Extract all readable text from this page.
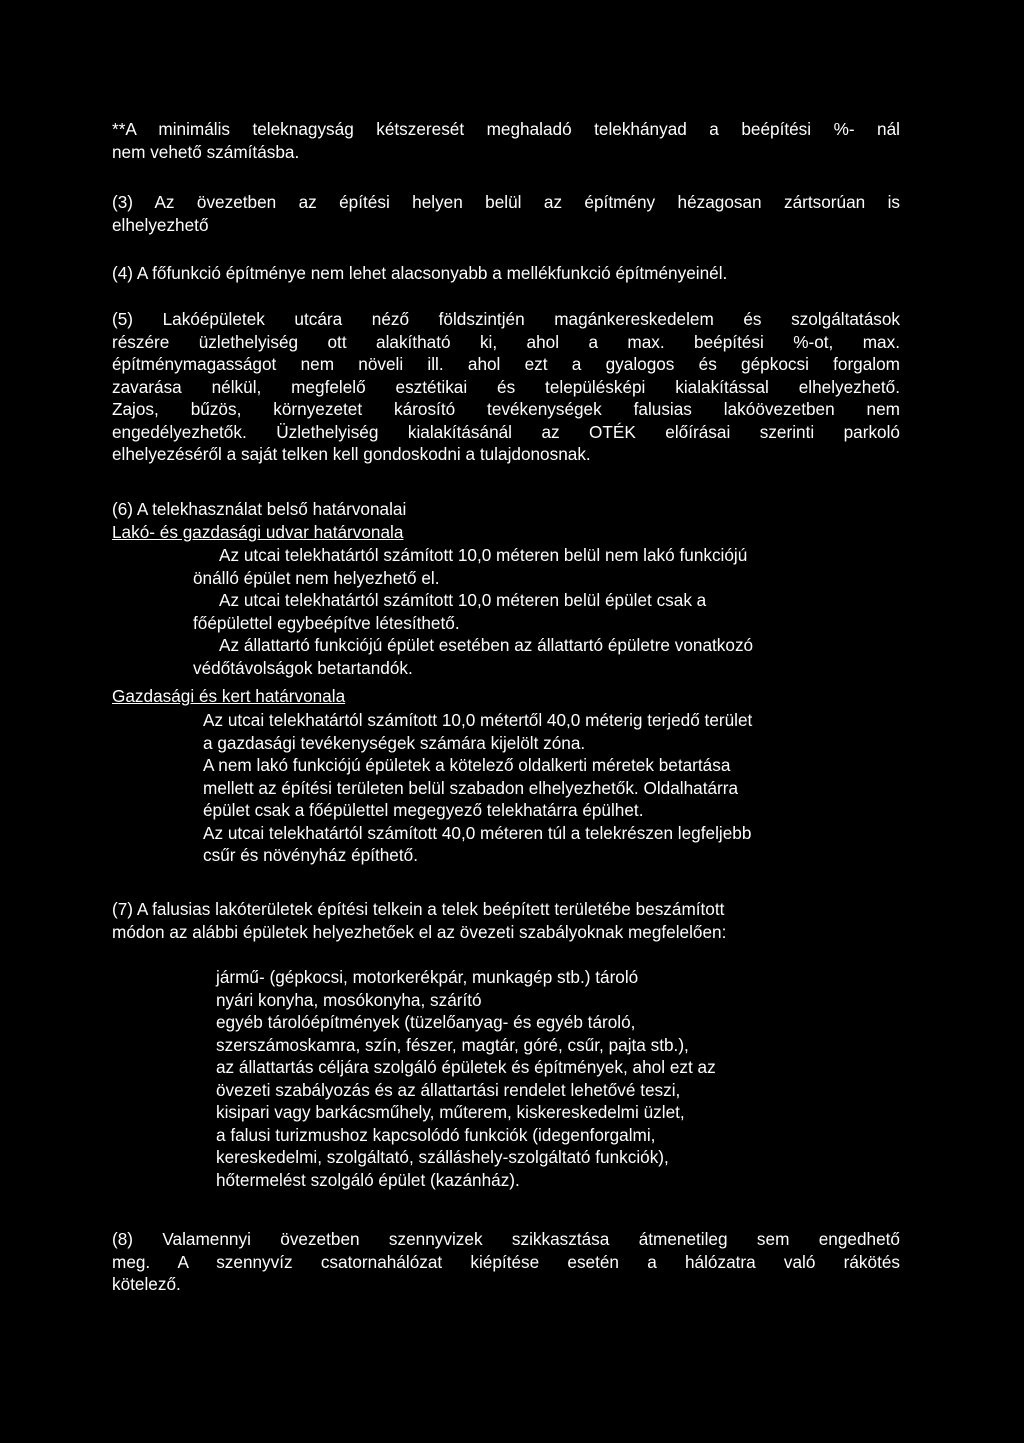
**A minimális teleknagyság kétszeresét meghaladó telekhányad a beépítési %- nál
nem vehető számításba.
(3) Az övezetben az építési helyen belül az építmény hézagosan zártsorúan is
elhelyezhető
(4) A főfunkció építménye nem lehet alacsonyabb a mellékfunkció építményeinél.
(5) Lakóépületek utcára néző földszintjén magánkereskedelem és szolgáltatások
részére üzlethelyiség ott alakítható ki, ahol a max. beépítési %-ot, max.
építménymagasságot nem növeli ill. ahol ezt a gyalogos és gépkocsi forgalom
zavarása nélkül, megfelelő esztétikai és településképi kialakítással elhelyezhető.
Zajos, bűzös, környezetet károsító tevékenységek falusias lakóövezetben nem
engedélyezhetők. Üzlethelyiség kialakításánál az OTÉK előírásai szerinti parkoló
elhelyezéséről a saját telken kell gondoskodni a tulajdonosnak.
(6) A telekhasználat belső határvonalai
Lakó- és gazdasági udvar határvonala
Az utcai telekhatártól számított 10,0 méteren belül nem lakó funkciójú
önálló épület nem helyezhető el.
Az utcai telekhatártól számított 10,0 méteren belül épület csak a
főépülettel egybeépítve létesíthető.
Az állattartó funkciójú épület esetében az állattartó épületre vonatkozó
védőtávolságok betartandók.
Gazdasági és kert határvonala
Az utcai telekhatártól számított 10,0 métertől 40,0 méterig terjedő terület
a gazdasági tevékenységek számára kijelölt zóna.
A nem lakó funkciójú épületek a kötelező oldalkerti méretek betartása
mellett az építési területen belül szabadon elhelyezhetők. Oldalhatárra
épület csak a főépülettel megegyező telekhatárra épülhet.
Az utcai telekhatártól számított 40,0 méteren túl a telekrészen legfeljebb
csűr és növényház építhető.
(7) A falusias lakóterületek építési telkein a telek beépített területébe beszámított
módon az alábbi épületek helyezhetőek el az övezeti szabályoknak megfelelően:
jármű- (gépkocsi, motorkerékpár, munkagép stb.) tároló
nyári konyha, mosókonyha, szárító
egyéb tárolóépítmények (tüzelőanyag- és egyéb tároló,
szerszámoskamra, szín, fészer, magtár, góré, csűr, pajta stb.),
az állattartás céljára szolgáló épületek és építmények, ahol ezt az
övezeti szabályozás és az állattartási rendelet lehetővé teszi,
kisipari vagy barkácsműhely, műterem, kiskereskedelmi üzlet,
a falusi turizmushoz kapcsolódó funkciók (idegenforgalmi,
kereskedelmi, szolgáltató, szálláshely-szolgáltató funkciók),
hőtermelést szolgáló épület (kazánház).
(8) Valamennyi övezetben szennyvizek szikkasztása átmenetileg sem engedhető
meg. A szennyvíz csatornahálózat kiépítése esetén a hálózatra való rákötés
kötelező.
